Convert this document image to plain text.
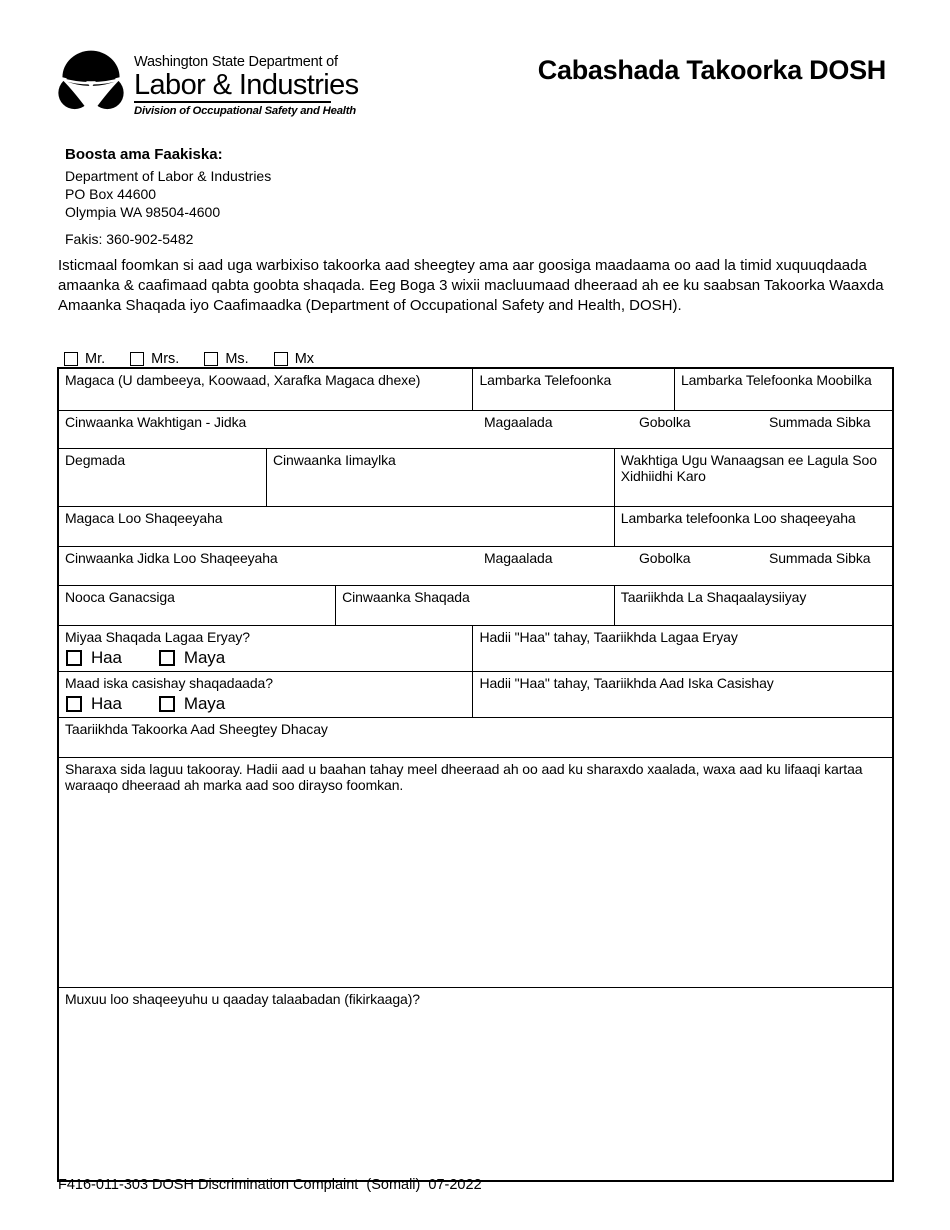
Washington State Department of
Labor & Industries
Division of Occupational Safety and Health
Cabashada Takoorka DOSH
Boosta ama Faakiska:
Department of Labor & Industries
PO Box 44600
Olympia WA 98504-4600
Fakis: 360-902-5482
Isticmaal foomkan si aad uga warbixiso takoorka aad sheegtey ama aar goosiga maadaama oo aad la timid xuquuqdaada amaanka & caafimaad qabta goobta shaqada. Eeg Boga 3 wixii macluumaad dheeraad ah ee ku saabsan Takoorka Waaxda Amaanka Shaqada iyo Caafimaadka (Department of Occupational Safety and Health, DOSH).
Mr.	Mrs.	Ms.	Mx
Magaca (U dambeeya, Koowaad, Xarafka Magaca dhexe)			Lambarka Telefoonka		Lambarka Telefoonka Moobilka

Cinwaanka Wakhtigan - Jidka Magaalada Gobolka Summada Sibka					

Degmada	Cinwaanka Iimaylka			Wakhtiga Ugu Wanaagsan ee Lagula Soo Xidhiidhi Karo	
Magaca Loo Shaqeeyaha				Lambarka telefoonka Loo shaqeeyaha	

Cinwaanka Jidka Loo Shaqeeyaha Magaalada Gobolka Summada Sibka					

Nooca Ganacsiga		Cinwaanka Shaqada		Taariikhda La Shaqaalaysiiyay	

Miyaa Shaqada Lagaa Eryay?
Haa Maya			Hadii "Haa" tahay, Taariikhda Lagaa Eryay		

Maad iska casishay shaqadaada?
Haa Maya			Hadii "Haa" tahay, Taariikhda Aad Iska Casishay		
Taariikhda Takoorka Aad Sheegtey Dhacay					
Sharaxa sida laguu takooray. Hadii aad u baahan tahay meel dheeraad ah oo aad ku sharaxdo xaalada, waxa aad ku lifaaqi kartaa waraaqo dheeraad ah marka aad soo dirayso foomkan.					
Muxuu loo shaqeeyuhu u qaaday talaabadan (fikirkaaga)?					
F416-011-303 DOSH Discrimination Complaint  (Somali)  07-2022
